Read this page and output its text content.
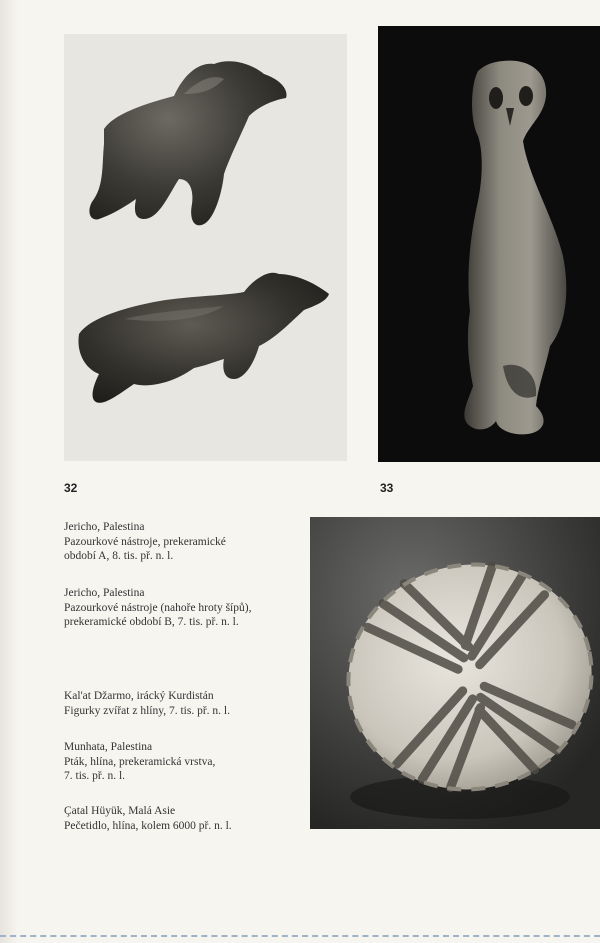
32	33
Jericho, Palestina
Pazourkové nástroje, prekeramické
období A, 8. tis. př. n. l.
Jericho, Palestina
Pazourkové nástroje (nahoře hroty šípů),
prekeramické období B, 7. tis. př. n. l.
Kal'at Džarmo, irácký Kurdistán
Figurky zvířat z hlíny, 7. tis. př. n. l.
Munhata, Palestina
Pták, hlína, prekeramická vrstva,
7. tis. př. n. l.
Çatal Hüyük, Malá Asie
Pečetidlo, hlína, kolem 6000 př. n. l.
